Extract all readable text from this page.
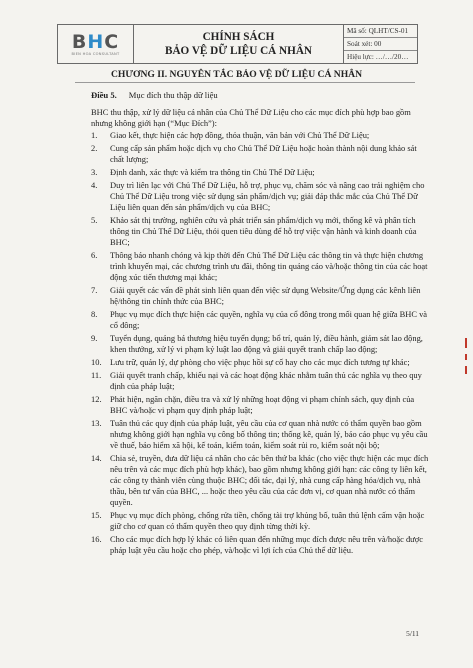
BHC
BIEN HOA CONSULTANT
CHÍNH SÁCH
BẢO VỆ DỮ LIỆU CÁ NHÂN
Mã số: QLHT/CS-01
Soát xét: 00
Hiệu lực: …/…/20…
CHƯƠNG II. NGUYÊN TẮC BẢO VỆ DỮ LIỆU CÁ NHÂN
Điều 5. Mục đích thu thập dữ liệu
BHC thu thập, xử lý dữ liệu cá nhân của Chủ Thể Dữ Liệu cho các mục đích phù hợp bao gồm nhưng không giới hạn (“Mục Đích”):
1. Giao kết, thực hiện các hợp đồng, thỏa thuận, văn bản với Chủ Thể Dữ Liệu;
2. Cung cấp sản phẩm hoặc dịch vụ cho Chủ Thể Dữ Liệu hoặc hoàn thành nội dung khảo sát chất lượng;
3. Định danh, xác thực và kiểm tra thông tin Chủ Thể Dữ Liệu;
4. Duy trì liên lạc với Chủ Thể Dữ Liệu, hỗ trợ, phục vụ, chăm sóc và nâng cao trải nghiệm cho Chủ Thể Dữ Liệu trong việc sử dụng sản phẩm/dịch vụ; giải đáp thắc mắc của Chủ Thể Dữ Liệu liên quan đến sản phẩm/dịch vụ của BHC;
5. Khảo sát thị trường, nghiên cứu và phát triển sản phẩm/dịch vụ mới, thống kê và phân tích thông tin Chủ Thể Dữ Liệu, thói quen tiêu dùng để hỗ trợ việc vận hành và kinh doanh của BHC;
6. Thông báo nhanh chóng và kịp thời đến Chủ Thể Dữ Liệu các thông tin và thực hiện chương trình khuyến mại, các chương trình ưu đãi, thông tin quảng cáo và/hoặc thông tin của các hoạt động xúc tiến thương mại khác;
7. Giải quyết các vấn đề phát sinh liên quan đến việc sử dụng Website/Ứng dụng các kênh liên hệ/thông tin chính thức của BHC;
8. Phục vụ mục đích thực hiện các quyền, nghĩa vụ của cổ đông trong mối quan hệ giữa BHC và cổ đông;
9. Tuyển dụng, quảng bá thương hiệu tuyển dụng; bổ trí, quản lý, điều hành, giám sát lao động, khen thưởng, xử lý vi phạm kỷ luật lao động và giải quyết tranh chấp lao động;
10. Lưu trữ, quản lý, dự phòng cho việc phục hồi sự cố hay cho các mục đích tương tự khác;
11. Giải quyết tranh chấp, khiếu nại và các hoạt động khác nhằm tuân thủ các nghĩa vụ theo quy định của pháp luật;
12. Phát hiện, ngăn chặn, điều tra và xử lý những hoạt động vi phạm chính sách, quy định của BHC và/hoặc vi phạm quy định pháp luật;
13. Tuân thủ các quy định của pháp luật, yêu cầu của cơ quan nhà nước có thẩm quyền bao gồm nhưng không giới hạn nghĩa vụ công bố thông tin; thống kê, quản lý, báo cáo phục vụ yêu cầu về thuế, bảo hiểm xã hội, kế toán, kiểm toán, kiểm soát rủi ro, kiểm soát nội bộ;
14. Chia sẻ, truyền, đưa dữ liệu cá nhân cho các bên thứ ba khác (cho việc thực hiện các mục đích nêu trên và các mục đích phù hợp khác), bao gồm nhưng không giới hạn: các công ty liên kết, các công ty thành viên cùng thuộc BHC; đối tác, đại lý, nhà cung cấp hàng hóa/dịch vụ, nhà thầu, bên tư vấn của BHC, ... hoặc theo yêu cầu của các đơn vị, cơ quan nhà nước có thẩm quyền.
15. Phục vụ mục đích phòng, chống rửa tiền, chống tài trợ khủng bố, tuân thủ lệnh cấm vận hoặc giữ cho cơ quan có thẩm quyền theo quy định từng thời kỳ.
16. Cho các mục đích hợp lý khác có liên quan đến những mục đích được nêu trên và/hoặc được pháp luật yêu cầu hoặc cho phép, và/hoặc vì lợi ích của Chủ thể dữ liệu.
5/11
